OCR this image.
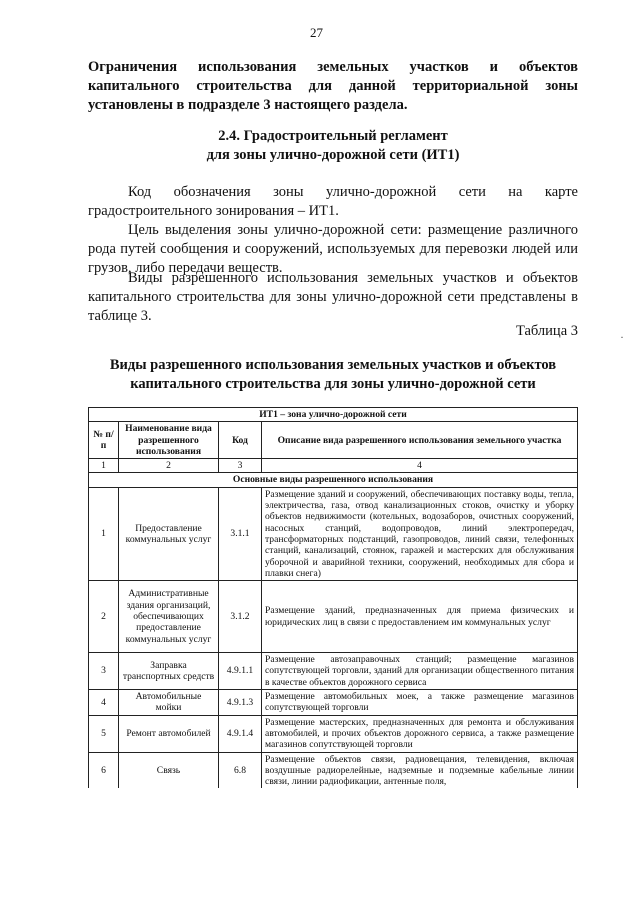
27

Ограничения использования земельных участков и объектов капитального строительства для данной территориальной зоны установлены в подразделе 3 настоящего раздела.

2.4. Градостроительный регламент
для зоны улично-дорожной сети (ИТ1)

Код обозначения зоны улично-дорожной сети на карте градостроительного зонирования – ИТ1.

Цель выделения зоны улично-дорожной сети: размещение различного рода путей сообщения и сооружений, используемых для перевозки людей или грузов, либо передачи веществ.

Виды разрешенного использования земельных участков и объектов капитального строительства для зоны улично-дорожной сети представлены в таблице 3.

Таблица 3	·

Виды разрешенного использования земельных участков и объектов
капитального строительства для зоны улично-дорожной сети

ИТ1 – зона улично-дорожной сети			
№ п/п	Наименование вида разрешенного использования	Код	Описание вида разрешенного использования земельного участка
1	2	3	4
Основные виды разрешенного использования			
1	Предоставление коммунальных услуг	3.1.1	Размещение зданий и сооружений, обеспечивающих поставку воды, тепла, электричества, газа, отвод канализационных стоков, очистку и уборку объектов недвижимости (котельных, водозаборов, очистных сооружений, насосных станций, водопроводов, линий электропередач, трансформаторных подстанций, газопроводов, линий связи, телефонных станций, канализаций, стоянок, гаражей и мастерских для обслуживания уборочной и аварийной техники, сооружений, необходимых для сбора и плавки снега)
2	Административные здания организаций, обеспечивающих предоставление коммунальных услуг	3.1.2	Размещение зданий, предназначенных для приема физических и юридических лиц в связи с предоставлением им коммунальных услуг
3	Заправка транспортных средств	4.9.1.1	Размещение автозаправочных станций; размещение магазинов сопутствующей торговли, зданий для организации общественного питания в качестве объектов дорожного сервиса
4	Автомобильные мойки	4.9.1.3	Размещение автомобильных моек, а также размещение магазинов сопутствующей торговли
5	Ремонт автомобилей	4.9.1.4	Размещение мастерских, предназначенных для ремонта и обслуживания автомобилей, и прочих объектов дорожного сервиса, а также размещение магазинов сопутствующей торговли
6	Связь	6.8	Размещение объектов связи, радиовещания, телевидения, включая воздушные радиорелейные, надземные и подземные кабельные линии связи, линии радиофикации, антенные поля,
